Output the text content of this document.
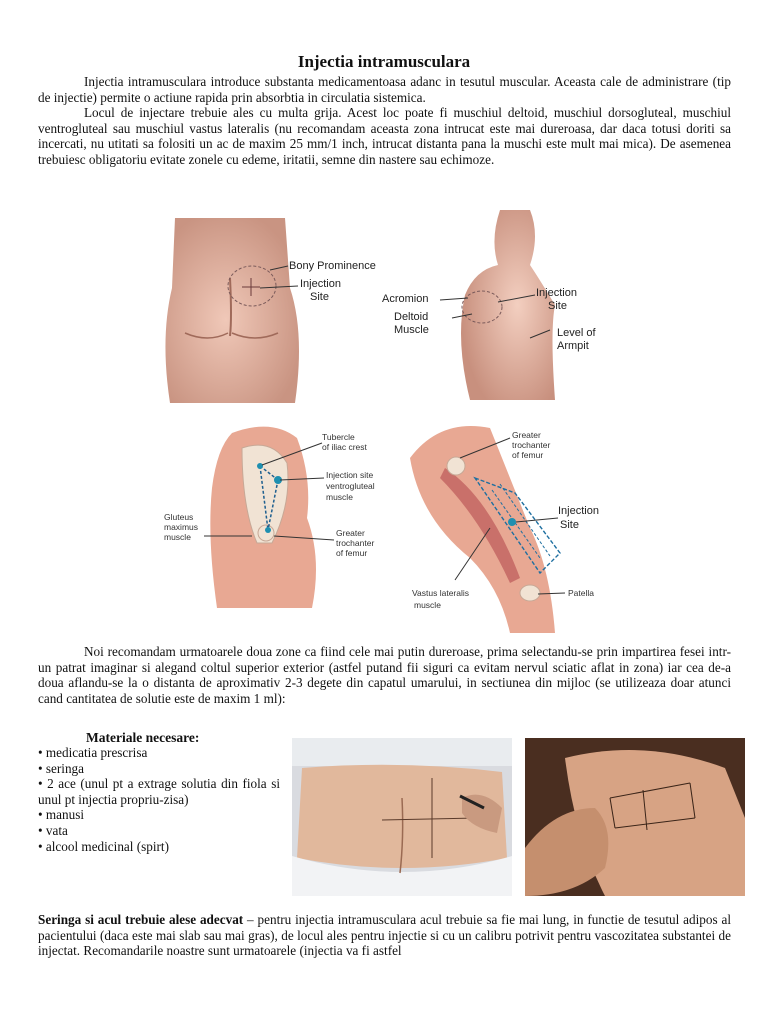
Injectia intramusculara

Injectia intramusculara introduce substanta medicamentoasa adanc in tesutul muscular. Aceasta cale de administrare (tip de injectie) permite o actiune rapida prin absorbtia in circulatia sistemica.

Locul de injectare trebuie ales cu multa grija. Acest loc poate fi muschiul deltoid, muschiul dorsogluteal, muschiul ventrogluteal sau muschiul vastus lateralis (nu recomandam aceasta zona intrucat este mai dureroasa, dar daca totusi doriti sa incercati, nu utitati sa folositi un ac de maxim 25 mm/1 inch, intrucat distanta pana la muschi este mult mai mica). De asemenea trebuiesc obligatoriu evitate zonele cu edeme, iritatii, semne din nastere sau echimoze.

Bony Prominence
Injection
Site	Acromion	Injection
Site
Deltoid
Muscle	Level of
Armpit
Tubercle
of iliac crest
Injection site
ventrogluteal
muscle
Gluteus
maximus
muscle	Greater
trochanter
of femur
Greater
trochanter
of femur
Injection
Site
Vastus lateralis
muscle
Patella

Noi recomandam urmatoarele doua zone ca fiind cele mai putin dureroase, prima selectandu-se prin impartirea fesei intr-un patrat imaginar si alegand coltul superior exterior (astfel putand fii siguri ca evitam nervul sciatic aflat in zona) iar cea de-a doua aflandu-se la o distanta de aproximativ 2-3 degete din capatul umarului, in sectiunea din mijloc (se utilizeaza doar atunci cand cantitatea de solutie este de maxim 1 ml):

Materiale necesare:
• medicatia prescrisa
• seringa
• 2 ace (unul pt a extrage solutia din fiola si unul pt injectia propriu-zisa)
• manusi
• vata
• alcool medicinal (spirt)

Seringa si acul trebuie alese adecvat – pentru injectia intramusculara acul trebuie sa fie mai lung, in functie de tesutul adipos al pacientului (daca este mai slab sau mai gras), de locul ales pentru injectie si cu un calibru potrivit pentru vascozitatea substantei de injectat. Recomandarile noastre sunt urmatoarele (injectia va fi astfel
